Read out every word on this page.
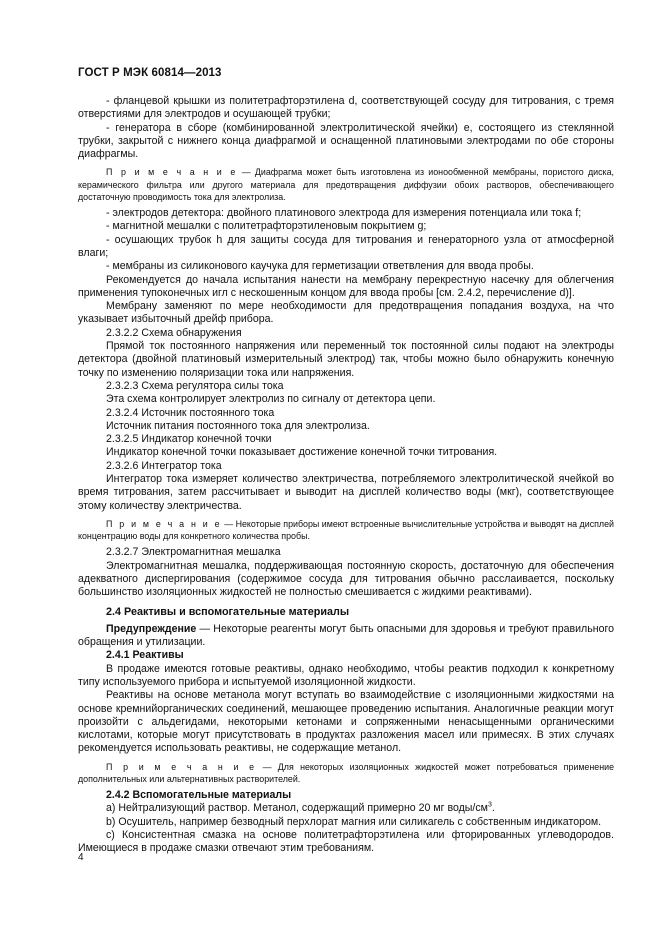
ГОСТ Р МЭК 60814—2013

- фланцевой крышки из политетрафторэтилена d, соответствующей сосуду для титрования, с тремя отверстиями для электродов и осушающей трубки;

- генератора в сборе (комбинированной электролитической ячейки) e, состоящего из стеклянной трубки, закрытой с нижнего конца диафрагмой и оснащенной платиновыми электродами по обе стороны диафрагмы.

П р и м е ч а н и е — Диафрагма может быть изготовлена из ионообменной мембраны, пористого диска, керамического фильтра или другого материала для предотвращения диффузии обоих растворов, обеспечивающего достаточную проводимость тока для электролиза.

- электродов детектора: двойного платинового электрода для измерения потенциала или тока f;

- магнитной мешалки с политетрафторэтиленовым покрытием g;

- осушающих трубок h для защиты сосуда для титрования и генераторного узла от атмосферной влаги;

- мембраны из силиконового каучука для герметизации ответвления для ввода пробы.

Рекомендуется до начала испытания нанести на мембрану перекрестную насечку для облегчения применения тупоконечных игл с нескошенным концом для ввода пробы [см. 2.4.2, перечисление d)].

Мембрану заменяют по мере необходимости для предотвращения попадания воздуха, на что указывает избыточный дрейф прибора.

2.3.2.2 Схема обнаружения

Прямой ток постоянного напряжения или переменный ток постоянной силы подают на электроды детектора (двойной платиновый измерительный электрод) так, чтобы можно было обнаружить конечную точку по изменению поляризации тока или напряжения.

2.3.2.3 Схема регулятора силы тока

Эта схема контролирует электролиз по сигналу от детектора цепи.

2.3.2.4 Источник постоянного тока

Источник питания постоянного тока для электролиза.

2.3.2.5 Индикатор конечной точки

Индикатор конечной точки показывает достижение конечной точки титрования.

2.3.2.6 Интегратор тока

Интегратор тока измеряет количество электричества, потребляемого электролитической ячейкой во время титрования, затем рассчитывает и выводит на дисплей количество воды (мкг), соответствующее этому количеству электричества.

П р и м е ч а н и е — Некоторые приборы имеют встроенные вычислительные устройства и выводят на дисплей концентрацию воды для конкретного количества пробы.

2.3.2.7 Электромагнитная мешалка

Электромагнитная мешалка, поддерживающая постоянную скорость, достаточную для обеспечения адекватного диспергирования (содержимое сосуда для титрования обычно расслаивается, поскольку большинство изоляционных жидкостей не полностью смешивается с жидкими реактивами).

2.4 Реактивы и вспомогательные материалы

Предупреждение — Некоторые реагенты могут быть опасными для здоровья и требуют правильного обращения и утилизации.

2.4.1 Реактивы

В продаже имеются готовые реактивы, однако необходимо, чтобы реактив подходил к конкретному типу используемого прибора и испытуемой изоляционной жидкости.

Реактивы на основе метанола могут вступать во взаимодействие с изоляционными жидкостями на основе кремнийорганических соединений, мешающее проведению испытания. Аналогичные реакции могут произойти с альдегидами, некоторыми кетонами и сопряженными ненасыщенными органическими кислотами, которые могут присутствовать в продуктах разложения масел или примесях. В этих случаях рекомендуется использовать реактивы, не содержащие метанол.

П р и м е ч а н и е — Для некоторых изоляционных жидкостей может потребоваться применение дополнительных или альтернативных растворителей.

2.4.2 Вспомогательные материалы

a) Нейтрализующий раствор. Метанол, содержащий примерно 20 мг воды/$см^3$.

b) Осушитель, например безводный перхлорат магния или силикагель с собственным индикатором.

c) Консистентная смазка на основе политетрафторэтилена или фторированных углеводородов. Имеющиеся в продаже смазки отвечают этим требованиям.

4
